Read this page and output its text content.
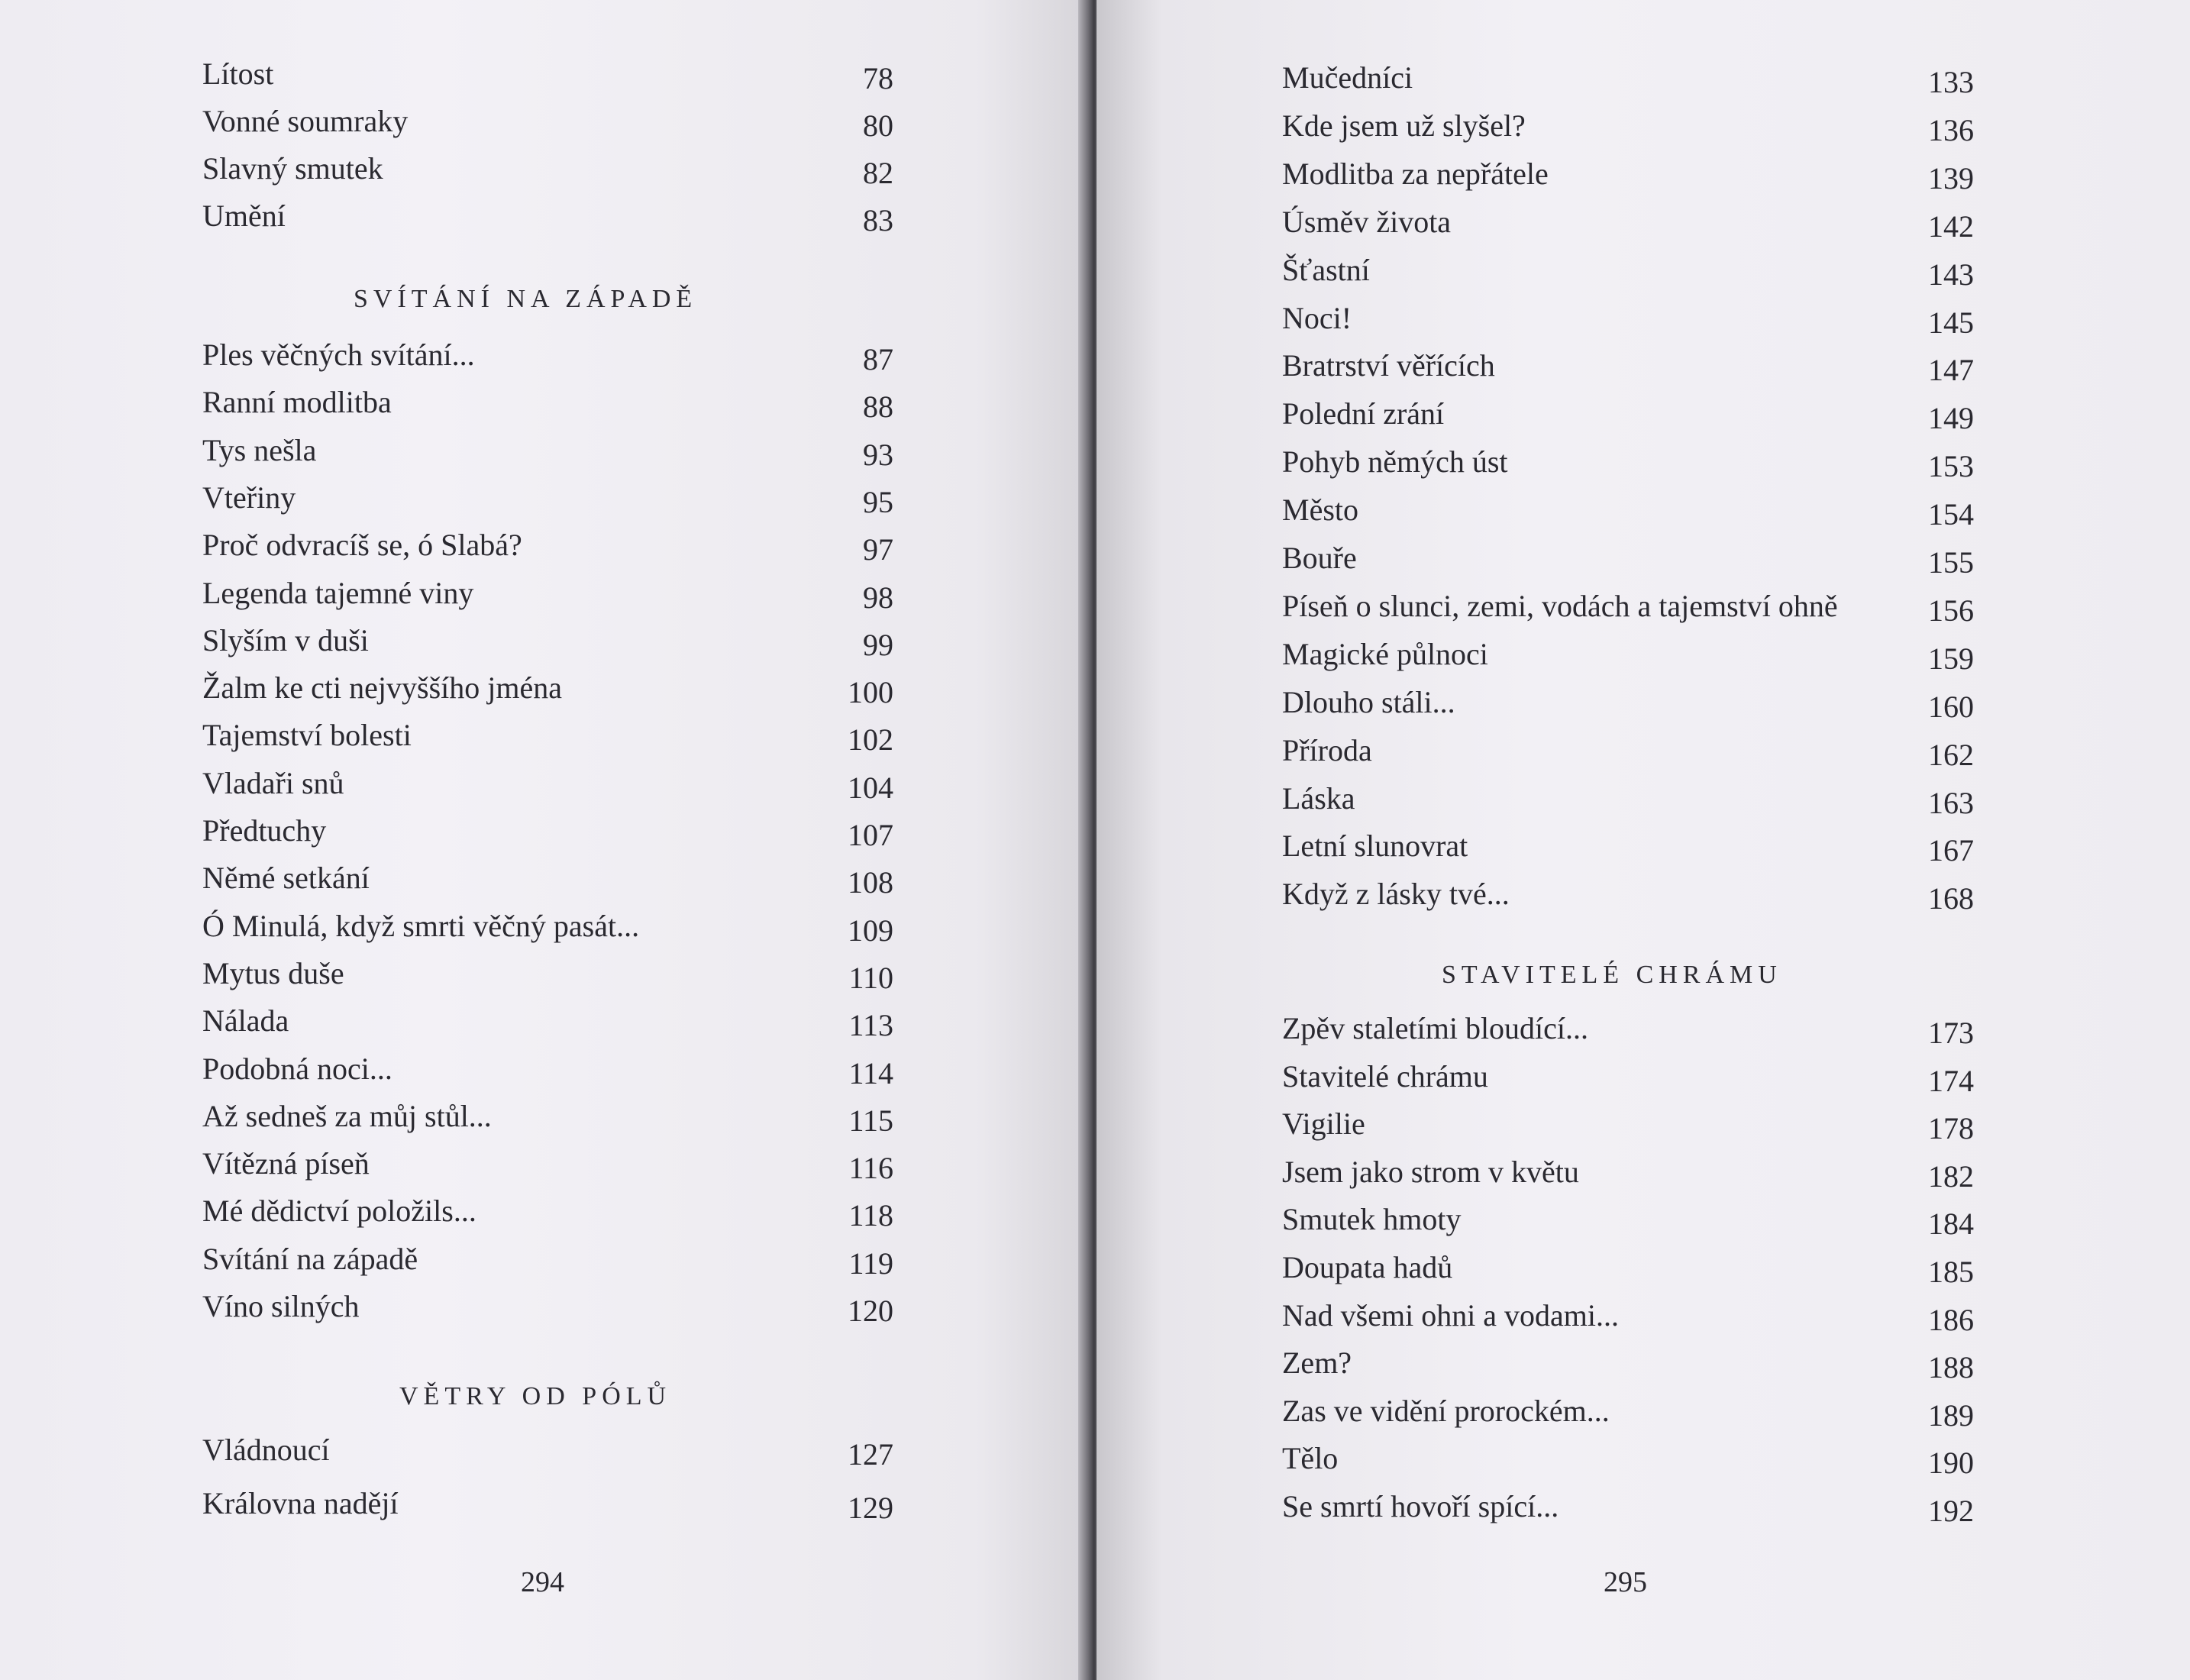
Lítost	78
Vonné soumraky	80
Slavný smutek	82
Umění	83
SVÍTÁNÍ NA ZÁPADĚ
Ples věčných svítání...	87
Ranní modlitba	88
Tys nešla	93
Vteřiny	95
Proč odvracíš se, ó Slabá?	97
Legenda tajemné viny	98
Slyším v duši	99
Žalm ke cti nejvyššího jména	100
Tajemství bolesti	102
Vladaři snů	104
Předtuchy	107
Němé setkání	108
Ó Minulá, když smrti věčný pasát...	109
Mytus duše	110
Nálada	113
Podobná noci...	114
Až sedneš za můj stůl...	115
Vítězná píseň	116
Mé dědictví položils...	118
Svítání na západě	119
Víno silných	120
VĚTRY OD PÓLŮ
Vládnoucí	127
Královna nadějí	129
294
Mučedníci	133
Kde jsem už slyšel?	136
Modlitba za nepřátele	139
Úsměv života	142
Šťastní	143
Noci!	145
Bratrství věřících	147
Polední zrání	149
Pohyb němých úst	153
Město	154
Bouře	155
Píseň o slunci, zemi, vodách a tajemství ohně	156
Magické půlnoci	159
Dlouho stáli...	160
Příroda	162
Láska	163
Letní slunovrat	167
Když z lásky tvé...	168
STAVITELÉ CHRÁMU
Zpěv staletími bloudící...	173
Stavitelé chrámu	174
Vigilie	178
Jsem jako strom v květu	182
Smutek hmoty	184
Doupata hadů	185
Nad všemi ohni a vodami...	186
Zem?	188
Zas ve vidění prorockém...	189
Tělo	190
Se smrtí hovoří spící...	192
295
